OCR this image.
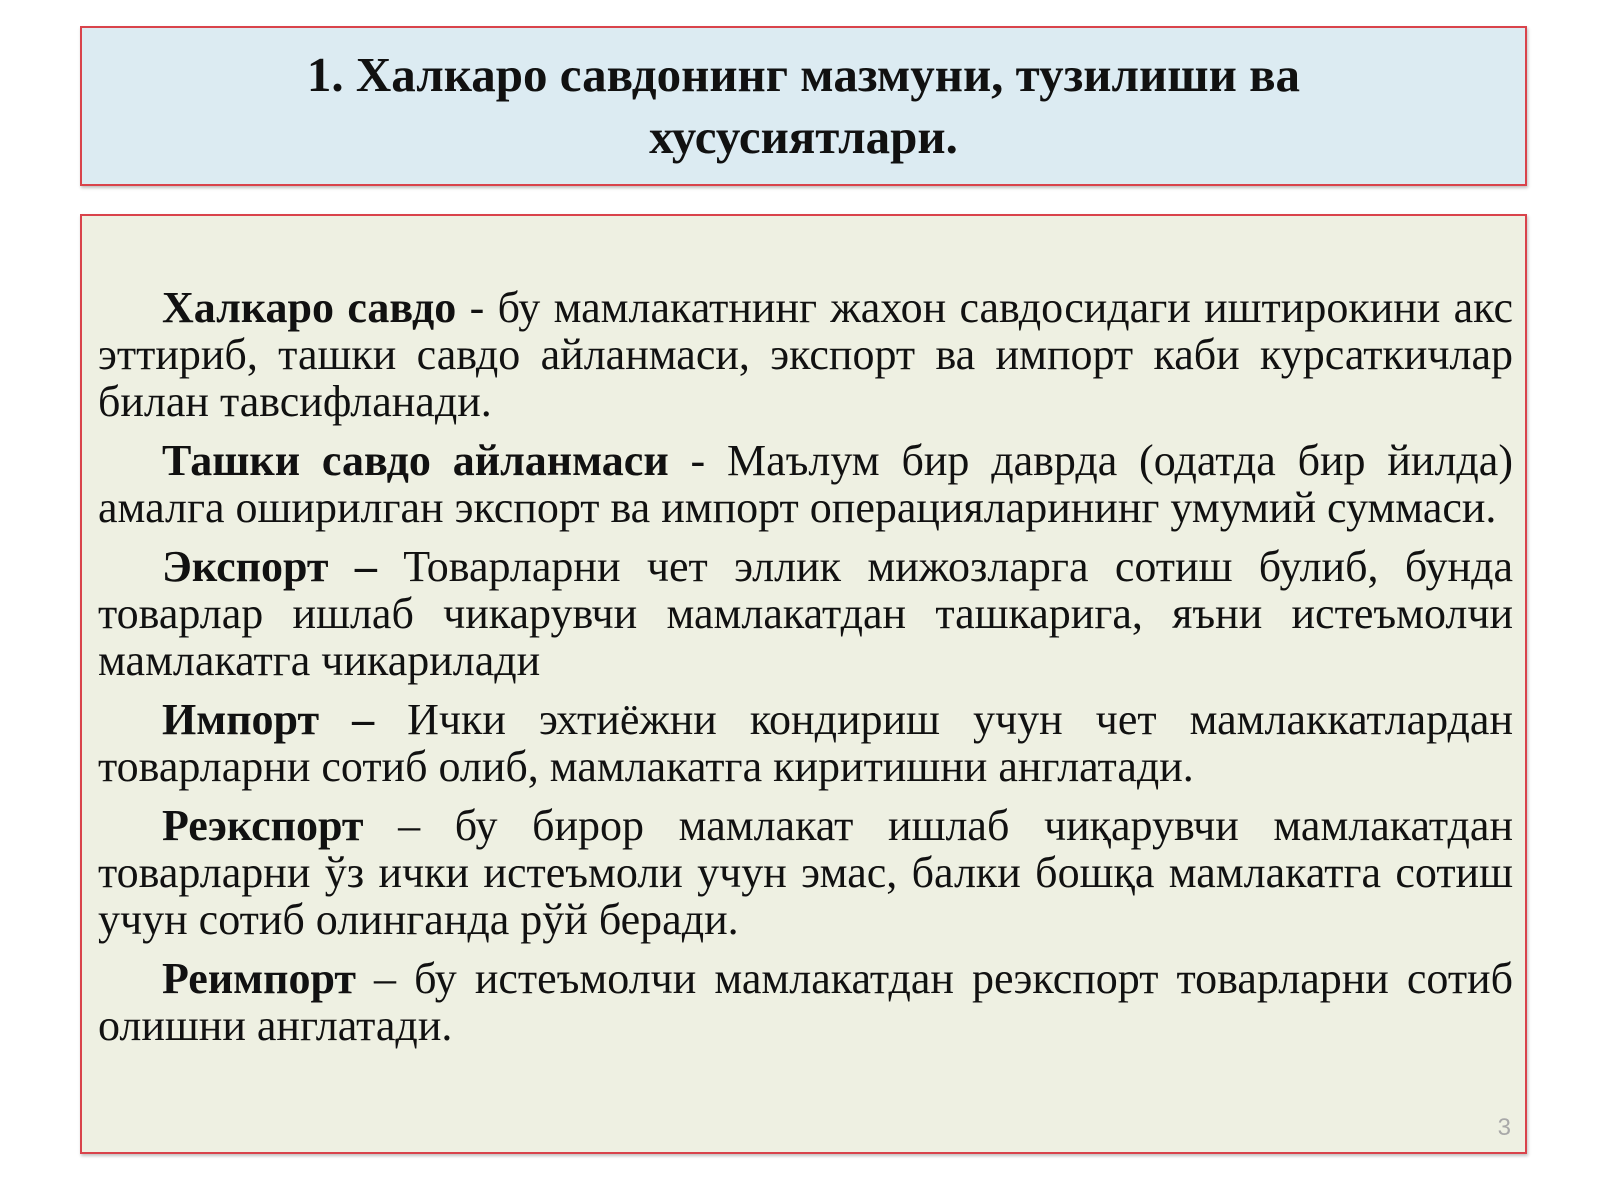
1. Халкаро савдонинг мазмуни, тузилиши ва хусусиятлари.

Халкаро савдо - бу мамлакатнинг жахон савдосидаги иштирокини акс эттириб, ташки савдо айланмаси, экспорт ва импорт каби курсаткичлар билан тавсифланади.

Ташки савдо айланмаси - Маълум бир даврда (одатда бир йилда) амалга оширилган экспорт ва импорт операцияларининг умумий суммаси.

Экспорт – Товарларни чет эллик мижозларга сотиш булиб, бунда товарлар ишлаб чикарувчи мамлакатдан ташкарига, яъни истеъмолчи мамлакатга чикарилади

Импорт – Ички эхтиёжни кондириш учун чет мамлаккатлардан товарларни сотиб олиб, мамлакатга киритишни англатади.

Реэкспорт – бу бирор мамлакат ишлаб чиқарувчи мамлакатдан товарларни ўз ички истеъмоли учун эмас, балки бошқа мамлакатга сотиш учун сотиб олинганда рўй беради.

Реимпорт – бу истеъмолчи мамлакатдан реэкспорт товарларни сотиб олишни англатади.

3
